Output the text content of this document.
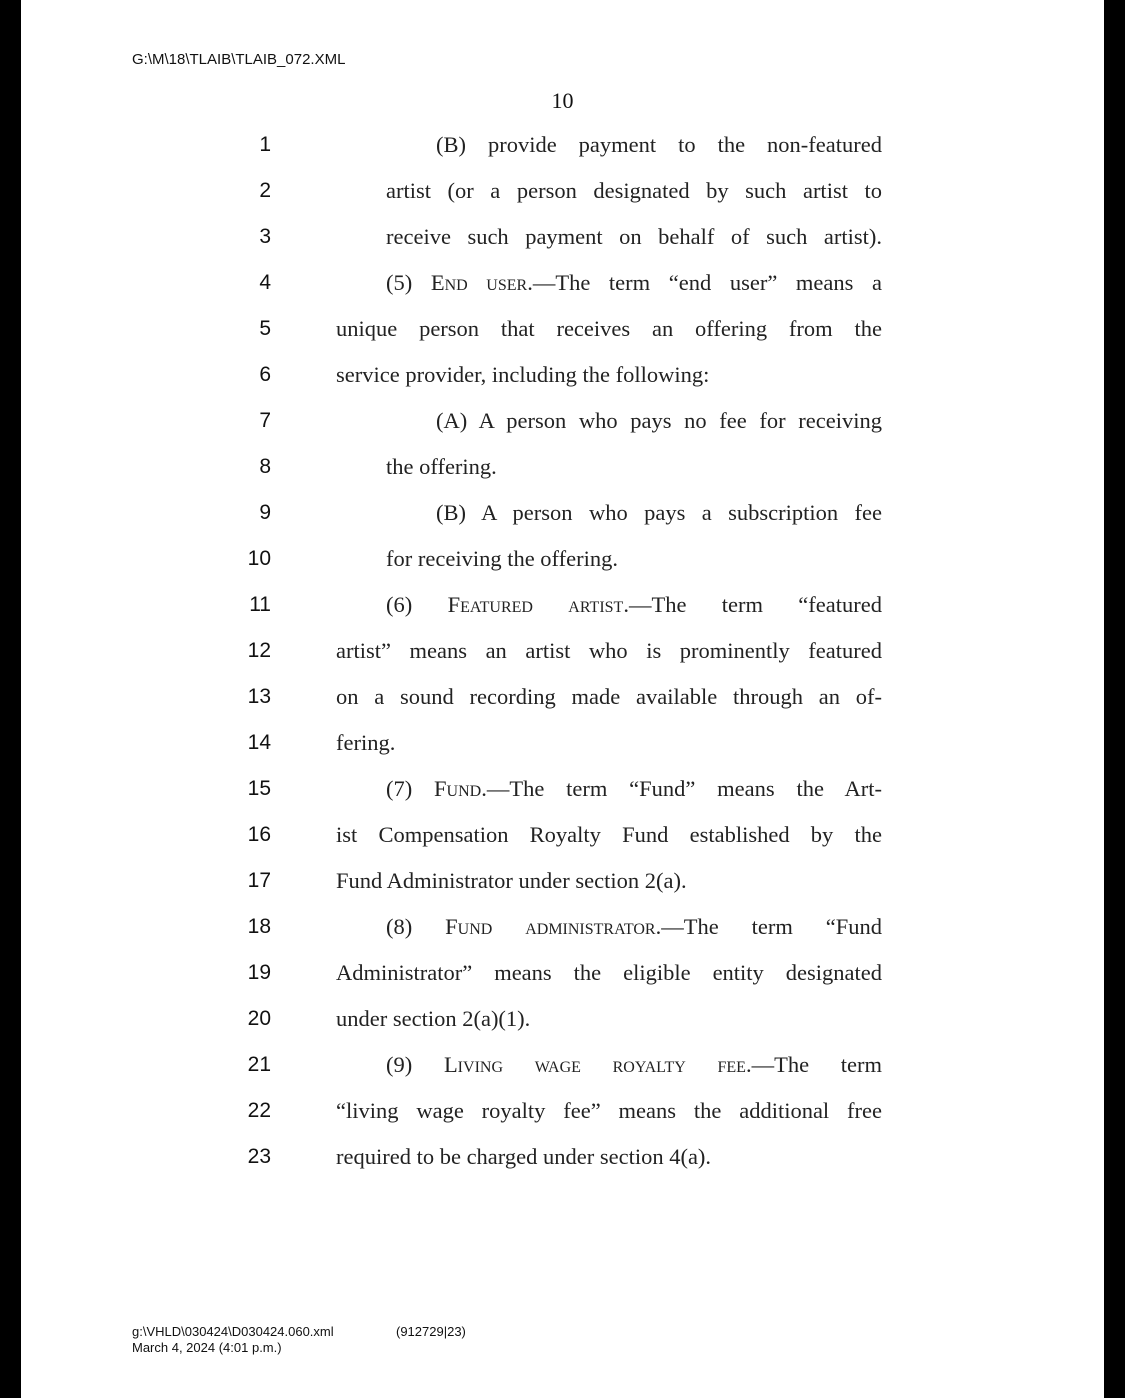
G:\M\18\TLAIB\TLAIB_072.XML
10
1	(B) provide payment to the non-featured
2	artist (or a person designated by such artist to
3	receive such payment on behalf of such artist).
4	(5) End user.—The term “end user” means a
5	unique person that receives an offering from the
6	service provider, including the following:
7	(A) A person who pays no fee for receiving
8	the offering.
9	(B) A person who pays a subscription fee
10	for receiving the offering.
11	(6) Featured artist.—The term “featured
12	artist” means an artist who is prominently featured
13	on a sound recording made available through an of-
14	fering.
15	(7) Fund.—The term “Fund” means the Art-
16	ist Compensation Royalty Fund established by the
17	Fund Administrator under section 2(a).
18	(8) Fund administrator.—The term “Fund
19	Administrator” means the eligible entity designated
20	under section 2(a)(1).
21	(9) Living wage royalty fee.—The term
22	“living wage royalty fee” means the additional free
23	required to be charged under section 4(a).
g:\VHLD\030424\D030424.060.xml
March 4, 2024 (4:01 p.m.)
(912729|23)
